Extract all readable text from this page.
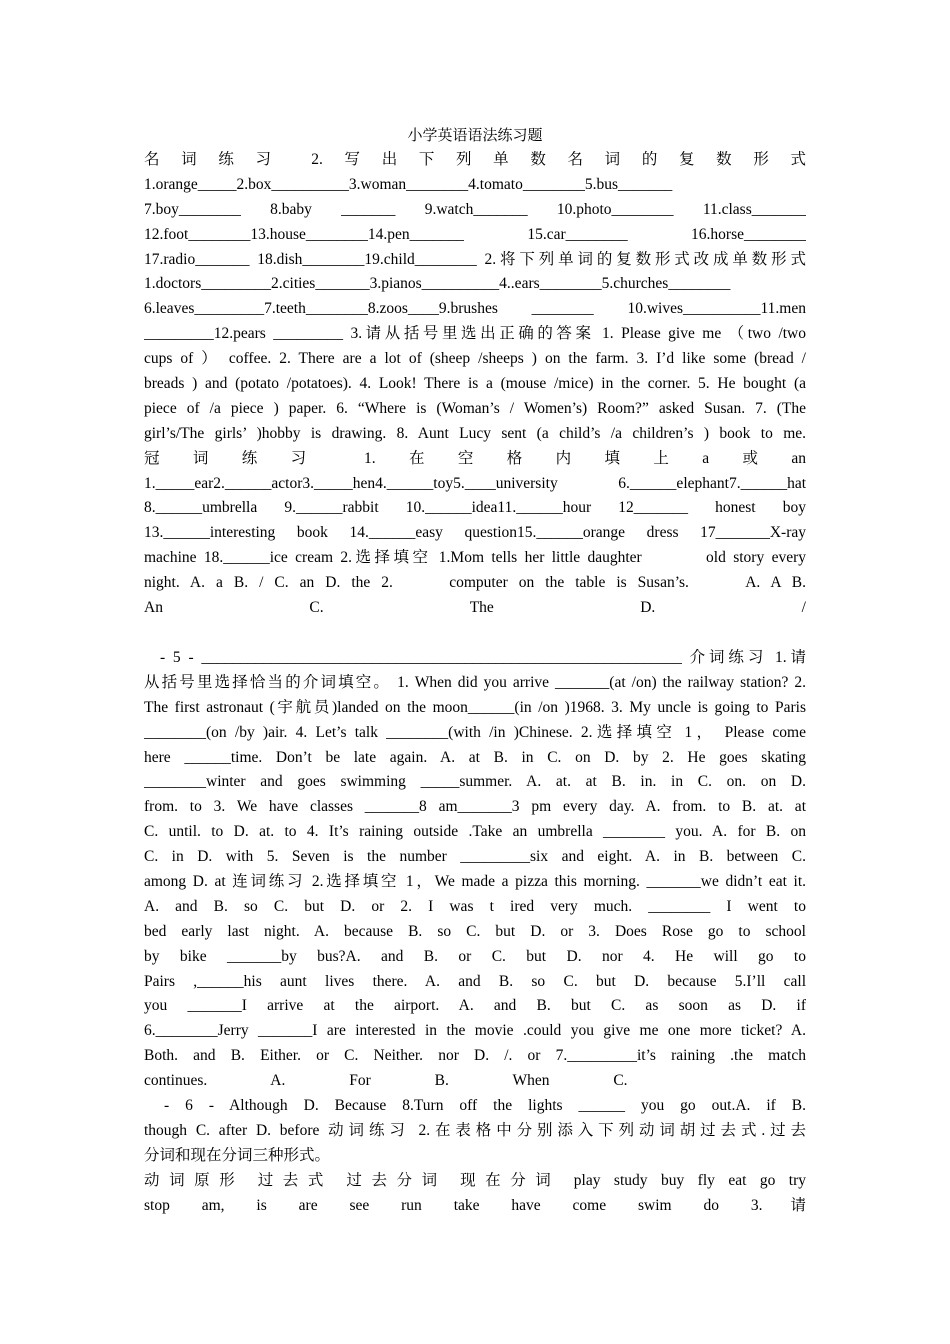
小学英语语法练习题
名　词　练　习　　2.　写　出　下　列　单　数　名　词　的　复　数　形　式
1.orange_____2.box__________3.woman________4.tomato________5.bus_______
7.boy________ 8.baby _______ 9.watch_______ 10.photo________ 11.class_______
12.foot________13.house________14.pen_______ 15.car________ 16.horse________
17.radio_______ 18.dish________19.child________ 2.将下列单词的复数形式改成单数形式
1.doctors_________2.cities_______3.pianos__________4..ears________5.churches________
6.leaves_________7.teeth________8.zoos____9.brushes ________ 10.wives__________11.men
_________12.pears _________ 3.请从括号里选出正确的答案 1. Please give me （two /two
cups of ） coffee. 2. There are a lot of (sheep /sheeps ) on the farm. 3. I’d like some (bread /
breads ) and (potato /potatoes). 4. Look! There is a (mouse /mice) in the corner. 5. He bought (a
piece of /a piece ) paper. 6. “Where is (Woman’s / Women’s) Room?” asked Susan. 7. (The
girl’s/The girls’ )hobby is drawing. 8. Aunt Lucy sent (a child’s /a children’s ) book to me.
冠　词　练　习　　1.　在　空　格　内　填　上　a　或　an
1._____ear2.______actor3._____hen4.______toy5.____university 6.______elephant7.______hat
8.______umbrella 9.______rabbit 10.______idea11.______hour 12_______ honest boy
13.______interesting book 14.______easy question15.______orange dress 17_______X-ray
machine 18.______ice cream 2.选择填空 1.Mom tells her little daughter 　　　old story every
night. A. a B. / C. an D. the 2. 　　computer on the table is Susan’s. 　　A. A B.
An C. The D. /
- 5 - ______________________________________________________________ 介词练习 1.请
从括号里选择恰当的介词填空。 1. When did you arrive _______(at /on) the railway station? 2.
The first astronaut (宇航员)landed on the moon______(in /on )1968. 3. My uncle is going to Paris
________(on /by )air. 4. Let’s talk ________(with /in )Chinese. 2.选择填空 1， Please come
here ______time. Don’t be late again. A. at B. in C. on D. by 2. He goes skating
________winter and goes swimming _____summer. A. at. at B. in. in C. on. on D.
from. to 3. We have classes _______8 am_______3 pm every day. A. from. to B. at. at
C. until. to D. at. to 4. It’s raining outside .Take an umbrella ________ you. A. for B. on
C. in D. with 5. Seven is the number _________six and eight. A. in B. between C.
among D. at 连词练习 2.选择填空 1，We made a pizza this morning. _______we didn’t eat it.
A. and B. so C. but D. or 2. I was t ired very much. ________ I went to
bed early last night. A. because B. so C. but D. or 3. Does Rose go to school
by bike _______by bus?A. and B. or C. but D. nor 4. He will go to
Pairs ,______his aunt lives there. A. and B. so C. but D. because 5.I’ll call
you _______I arrive at the airport. A. and B. but C. as soon as D. if
6.________Jerry _______I are interested in the movie .could you give me one more ticket? A.
Both. and B. Either. or C. Neither. nor D. /. or 7._________it’s raining .the match
continues. A. For B. When C.
- 6 - Although D. Because 8.Turn off the lights ______ you go out.A. if B.
though C. after D. before 动词练习 2.在表格中分别添入下列动词胡过去式.过去
分词和现在分词三种形式。
动词原形 过去式 过去分词 现在分词 play study buy fly eat go try
stop am, is are see run take have come swim do 3.请
